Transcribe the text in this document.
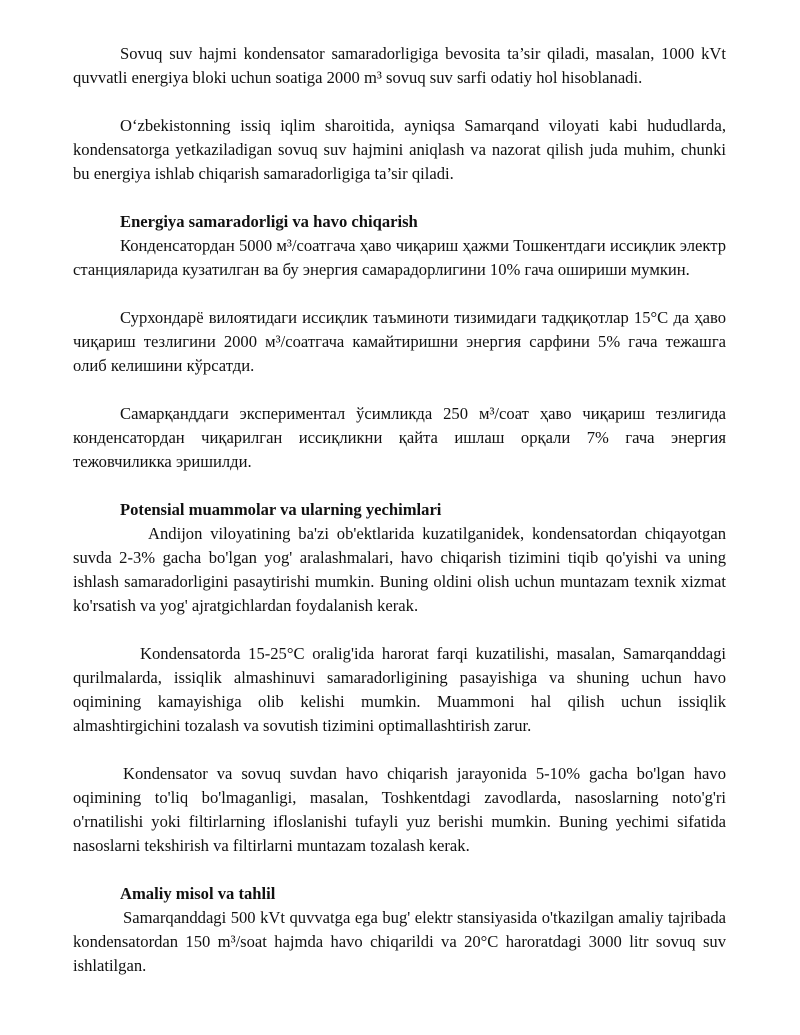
Sovuq suv hajmi kondensator samaradorligiga bevosita ta’sir qiladi, masalan, 1000 kVt quvvatli energiya bloki uchun soatiga 2000 m³ sovuq suv sarfi odatiy hol hisoblanadi.

O‘zbekistonning issiq iqlim sharoitida, ayniqsa Samarqand viloyati kabi hududlarda, kondensatorga yetkaziladigan sovuq suv hajmini aniqlash va nazorat qilish juda muhim, chunki bu energiya ishlab chiqarish samaradorligiga ta’sir qiladi.

Energiya samaradorligi va havo chiqarish

Конденсатордан 5000 м³/соатгача ҳаво чиқариш ҳажми Тошкентдаги иссиқлик электр станцияларида кузатилган ва бу энергия самарадорлигини 10% гача ошириши мумкин.

Сурхондарё вилоятидаги иссиқлик таъминоти тизимидаги тадқиқотлар 15°С да ҳаво чиқариш тезлигини 2000 м³/соатгача камайтиришни энергия сарфини 5% гача тежашга олиб келишини кўрсатди.

Самарқанддаги экспериментал ўсимликда 250 м³/соат ҳаво чиқариш тезлигида конденсатордан чиқарилган иссиқликни қайта ишлаш орқали 7% гача энергия тежовчиликка эришилди.

Potensial muammolar va ularning yechimlari

Andijon viloyatining ba'zi ob'ektlarida kuzatilganidek, kondensatordan chiqayotgan suvda 2-3% gacha bo'lgan yog' aralashmalari, havo chiqarish tizimini tiqib qo'yishi va uning ishlash samaradorligini pasaytirishi mumkin. Buning oldini olish uchun muntazam texnik xizmat ko'rsatish va yog' ajratgichlardan foydalanish kerak.

Kondensatorda 15-25°C oralig'ida harorat farqi kuzatilishi, masalan, Samarqanddagi qurilmalarda, issiqlik almashinuvi samaradorligining pasayishiga va shuning uchun havo oqimining kamayishiga olib kelishi mumkin. Muammoni hal qilish uchun issiqlik almashtirgichini tozalash va sovutish tizimini optimallashtirish zarur.

Kondensator va sovuq suvdan havo chiqarish jarayonida 5-10% gacha bo'lgan havo oqimining to'liq bo'lmaganligi, masalan, Toshkentdagi zavodlarda, nasoslarning noto'g'ri o'rnatilishi yoki filtirlarning ifloslanishi tufayli yuz berishi mumkin. Buning yechimi sifatida nasoslarni tekshirish va filtirlarni muntazam tozalash kerak.

Amaliy misol va tahlil

Samarqanddagi 500 kVt quvvatga ega bug' elektr stansiyasida o'tkazilgan amaliy tajribada kondensatordan 150 m³/soat hajmda havo chiqarildi va 20°C haroratdagi 3000 litr sovuq suv ishlatilgan.
